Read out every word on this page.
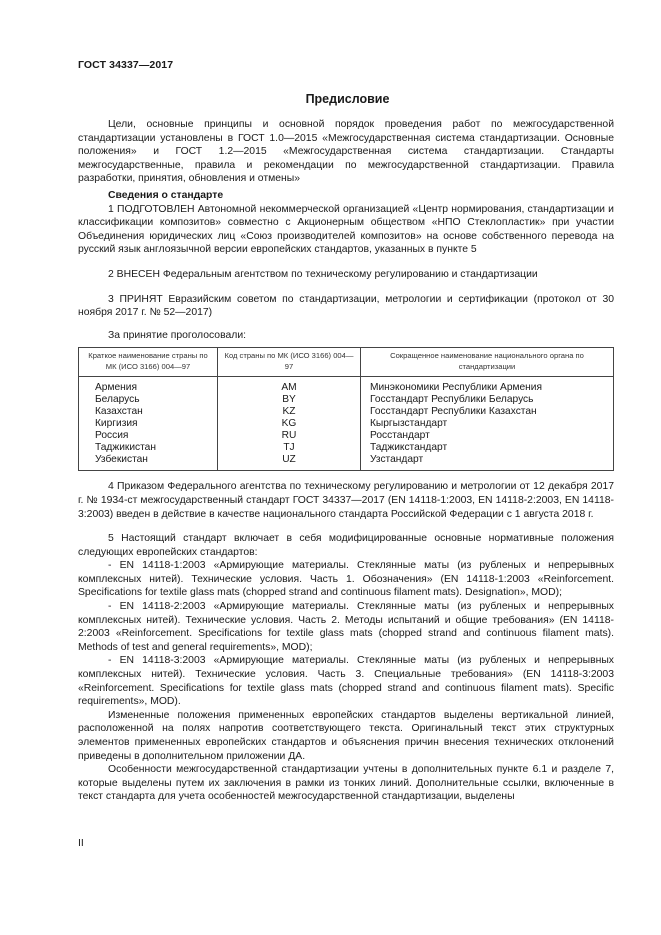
ГОСТ 34337—2017
Предисловие

Цели, основные принципы и основной порядок проведения работ по межгосударственной стандартизации установлены в ГОСТ 1.0—2015 «Межгосударственная система стандартизации. Основные положения» и ГОСТ 1.2—2015 «Межгосударственная система стандартизации. Стандарты межгосударственные, правила и рекомендации по межгосударственной стандартизации. Правила разработки, принятия, обновления и отмены»

Сведения о стандарте

1 ПОДГОТОВЛЕН Автономной некоммерческой организацией «Центр нормирования, стандартизации и классификации композитов» совместно с Акционерным обществом «НПО Стеклопластик» при участии Объединения юридических лиц «Союз производителей композитов» на основе собственного перевода на русский язык англоязычной версии европейских стандартов, указанных в пункте 5

2 ВНЕСЕН Федеральным агентством по техническому регулированию и стандартизации

3 ПРИНЯТ Евразийским советом по стандартизации, метрологии и сертификации (протокол от 30 ноября 2017 г. № 52—2017)

За принятие проголосовали:

Краткое наименование страны по МК (ИСО 3166) 004—97	Код страны по МК (ИСО 3166) 004—97	Сокращенное наименование национального органа по стандартизации
Армения	AM	Минэкономики Республики Армения
Беларусь	BY	Госстандарт Республики Беларусь
Казахстан	KZ	Госстандарт Республики Казахстан
Киргизия	KG	Кыргызстандарт
Россия	RU	Росстандарт
Таджикистан	TJ	Таджикстандарт
Узбекистан	UZ	Узстандарт

4 Приказом Федерального агентства по техническому регулированию и метрологии от 12 декабря 2017 г. № 1934-ст межгосударственный стандарт ГОСТ 34337—2017 (EN 14118-1:2003, EN 14118-2:2003, EN 14118-3:2003) введен в действие в качестве национального стандарта Российской Федерации с 1 августа 2018 г.

5 Настоящий стандарт включает в себя модифицированные основные нормативные положения следующих европейских стандартов:

- EN 14118-1:2003 «Армирующие материалы. Стеклянные маты (из рубленых и непрерывных комплексных нитей). Технические условия. Часть 1. Обозначения» (EN 14118-1:2003 «Reinforcement. Specifications for textile glass mats (chopped strand and continuous filament mats). Designation», MOD);

- EN 14118-2:2003 «Армирующие материалы. Стеклянные маты (из рубленых и непрерывных комплексных нитей). Технические условия. Часть 2. Методы испытаний и общие требования» (EN 14118-2:2003 «Reinforcement. Specifications for textile glass mats (chopped strand and continuous filament mats). Methods of test and general requirements», MOD);

- EN 14118-3:2003 «Армирующие материалы. Стеклянные маты (из рубленых и непрерывных комплексных нитей). Технические условия. Часть 3. Специальные требования» (EN 14118-3:2003 «Reinforcement. Specifications for textile glass mats (chopped strand and continuous filament mats). Specific requirements», MOD).

Измененные положения примененных европейских стандартов выделены вертикальной линией, расположенной на полях напротив соответствующего текста. Оригинальный текст этих структурных элементов примененных европейских стандартов и объяснения причин внесения технических отклонений приведены в дополнительном приложении ДА.

Особенности межгосударственной стандартизации учтены в дополнительных пункте 6.1 и разделе 7, которые выделены путем их заключения в рамки из тонких линий. Дополнительные ссылки, включенные в текст стандарта для учета особенностей межгосударственной стандартизации, выделены

II
